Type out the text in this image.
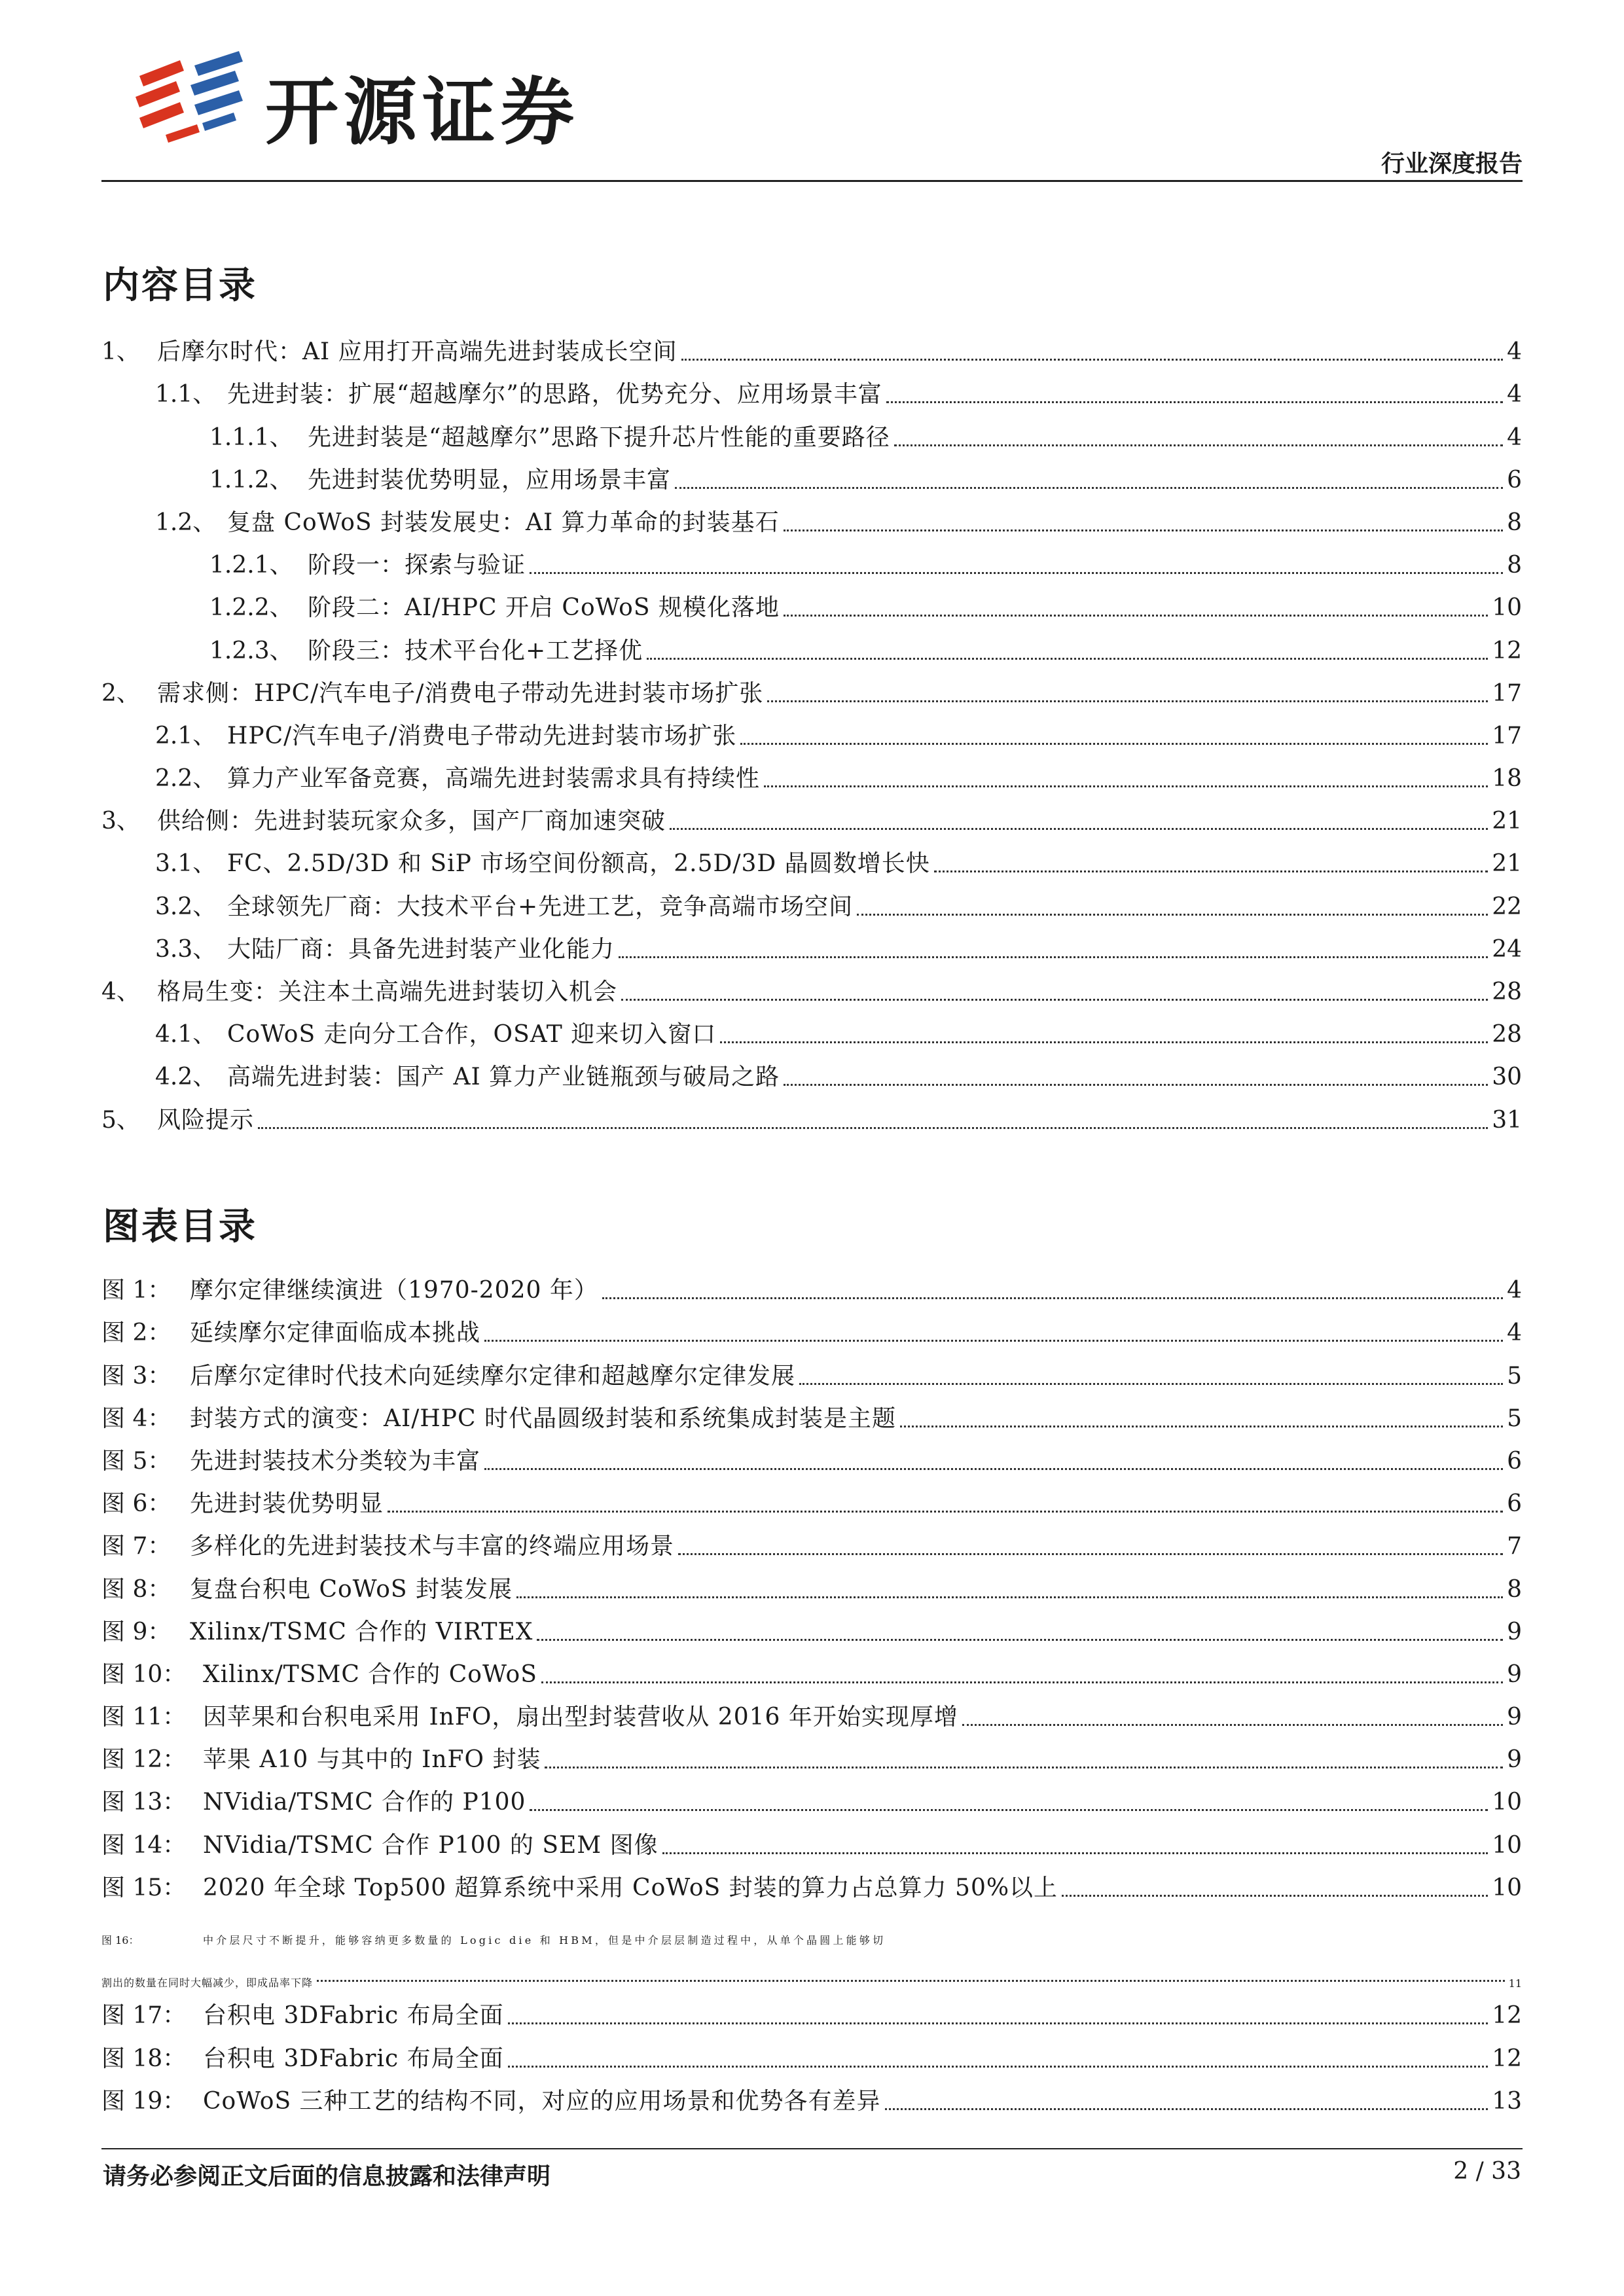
开源证券
行业深度报告
内容目录
1、 后摩尔时代：AI 应用打开高端先进封装成长空间	4
1.1、 先进封装：扩展“超越摩尔”的思路，优势充分、应用场景丰富	4
1.1.1、 先进封装是“超越摩尔”思路下提升芯片性能的重要路径	4
1.1.2、 先进封装优势明显，应用场景丰富	6
1.2、 复盘 CoWoS 封装发展史：AI 算力革命的封装基石	8
1.2.1、 阶段一：探索与验证	8
1.2.2、 阶段二：AI/HPC 开启 CoWoS 规模化落地	10
1.2.3、 阶段三：技术平台化+工艺择优	12
2、 需求侧：HPC/汽车电子/消费电子带动先进封装市场扩张	17
2.1、 HPC/汽车电子/消费电子带动先进封装市场扩张	17
2.2、 算力产业军备竞赛，高端先进封装需求具有持续性	18
3、 供给侧：先进封装玩家众多，国产厂商加速突破	21
3.1、 FC、2.5D/3D 和 SiP 市场空间份额高，2.5D/3D 晶圆数增长快	21
3.2、 全球领先厂商：大技术平台+先进工艺，竞争高端市场空间	22
3.3、 大陆厂商：具备先进封装产业化能力	24
4、 格局生变：关注本土高端先进封装切入机会	28
4.1、 CoWoS 走向分工合作，OSAT 迎来切入窗口	28
4.2、 高端先进封装：国产 AI 算力产业链瓶颈与破局之路	30
5、 风险提示	31
图表目录
图 1： 摩尔定律继续演进（1970-2020 年）	4
图 2： 延续摩尔定律面临成本挑战	4
图 3： 后摩尔定律时代技术向延续摩尔定律和超越摩尔定律发展	5
图 4： 封装方式的演变：AI/HPC 时代晶圆级封装和系统集成封装是主题	5
图 5： 先进封装技术分类较为丰富	6
图 6： 先进封装优势明显	6
图 7： 多样化的先进封装技术与丰富的终端应用场景	7
图 8： 复盘台积电 CoWoS 封装发展	8
图 9： Xilinx/TSMC 合作的 VIRTEX	9
图 10： Xilinx/TSMC 合作的 CoWoS	9
图 11： 因苹果和台积电采用 InFO，扇出型封装营收从 2016 年开始实现厚增	9
图 12： 苹果 A10 与其中的 InFO 封装	9
图 13： NVidia/TSMC 合作的 P100	10
图 14： NVidia/TSMC 合作 P100 的 SEM 图像	10
图 15： 2020 年全球 Top500 超算系统中采用 CoWoS 封装的算力占总算力 50%以上	10
图 16：	中介层尺寸不断提升，能够容纳更多数量的 Logic die 和 HBM，但是中介层层制造过程中，从单个晶圆上能够切
割出的数量在同时大幅减少，即成品率下降	11
图 17： 台积电 3DFabric 布局全面	12
图 18： 台积电 3DFabric 布局全面	12
图 19： CoWoS 三种工艺的结构不同，对应的应用场景和优势各有差异	13
请务必参阅正文后面的信息披露和法律声明	2 / 33
